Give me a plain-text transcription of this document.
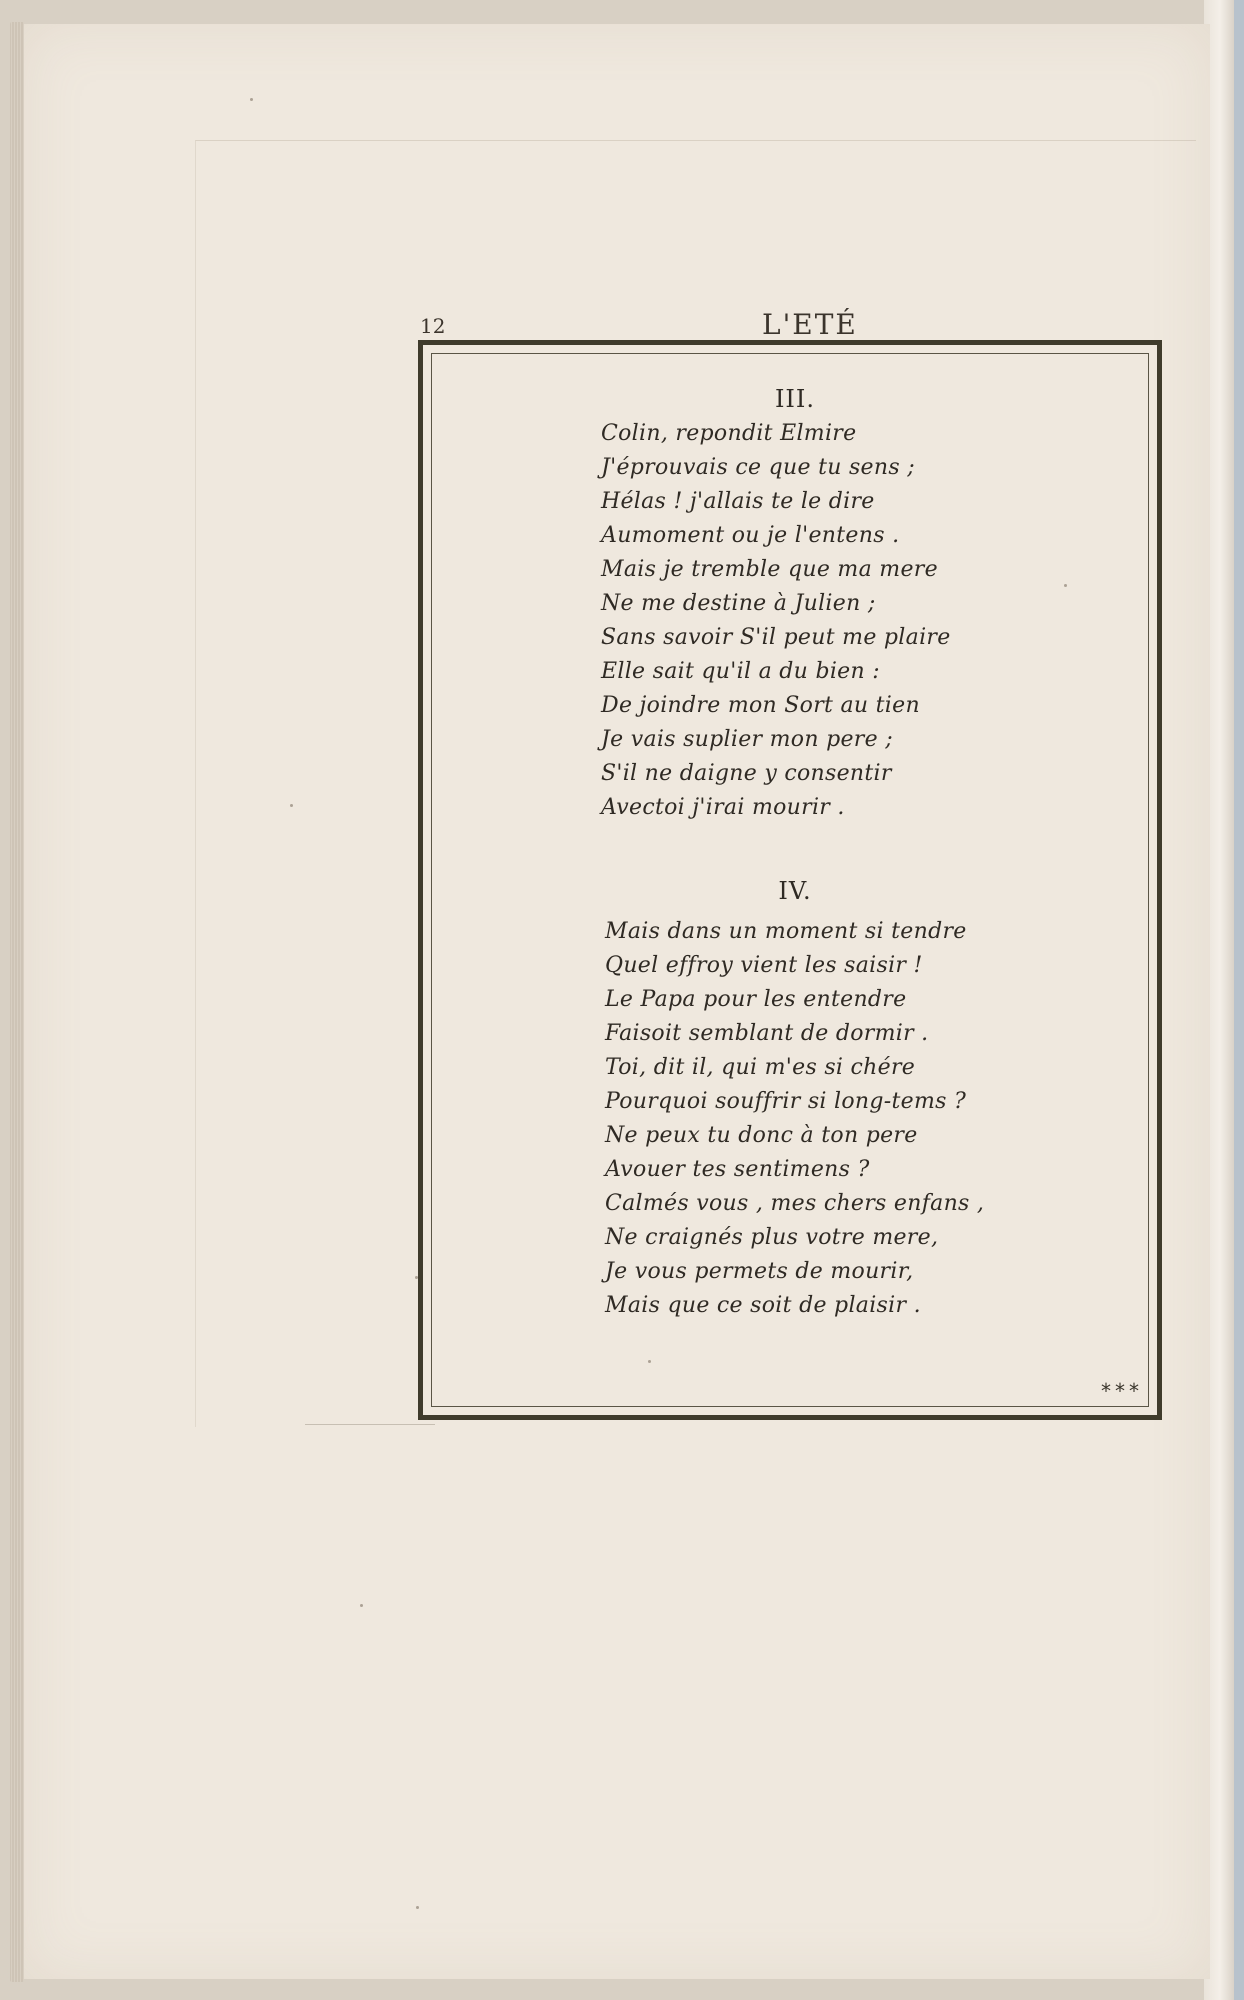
12	L'ETÉ
III.
Colin, repondit Elmire
J'éprouvais ce que tu sens ;
Hélas ! j'allais te le dire
Aumoment ou je l'entens .
Mais je tremble que ma mere
Ne me destine à Julien ;
Sans savoir S'il peut me plaire
Elle sait qu'il a du bien :
De joindre mon Sort au tien
Je vais suplier mon pere ;
S'il ne daigne y consentir
Avectoi j'irai mourir .
IV.
Mais dans un moment si tendre
Quel effroy vient les saisir !
Le Papa pour les entendre
Faisoit semblant de dormir .
Toi, dit il, qui m'es si chére
Pourquoi souffrir si long-tems ?
Ne peux tu donc à ton pere
Avouer tes sentimens ?
Calmés vous , mes chers enfans ,
Ne craignés plus votre mere,
Je vous permets de mourir,
Mais que ce soit de plaisir .
***
